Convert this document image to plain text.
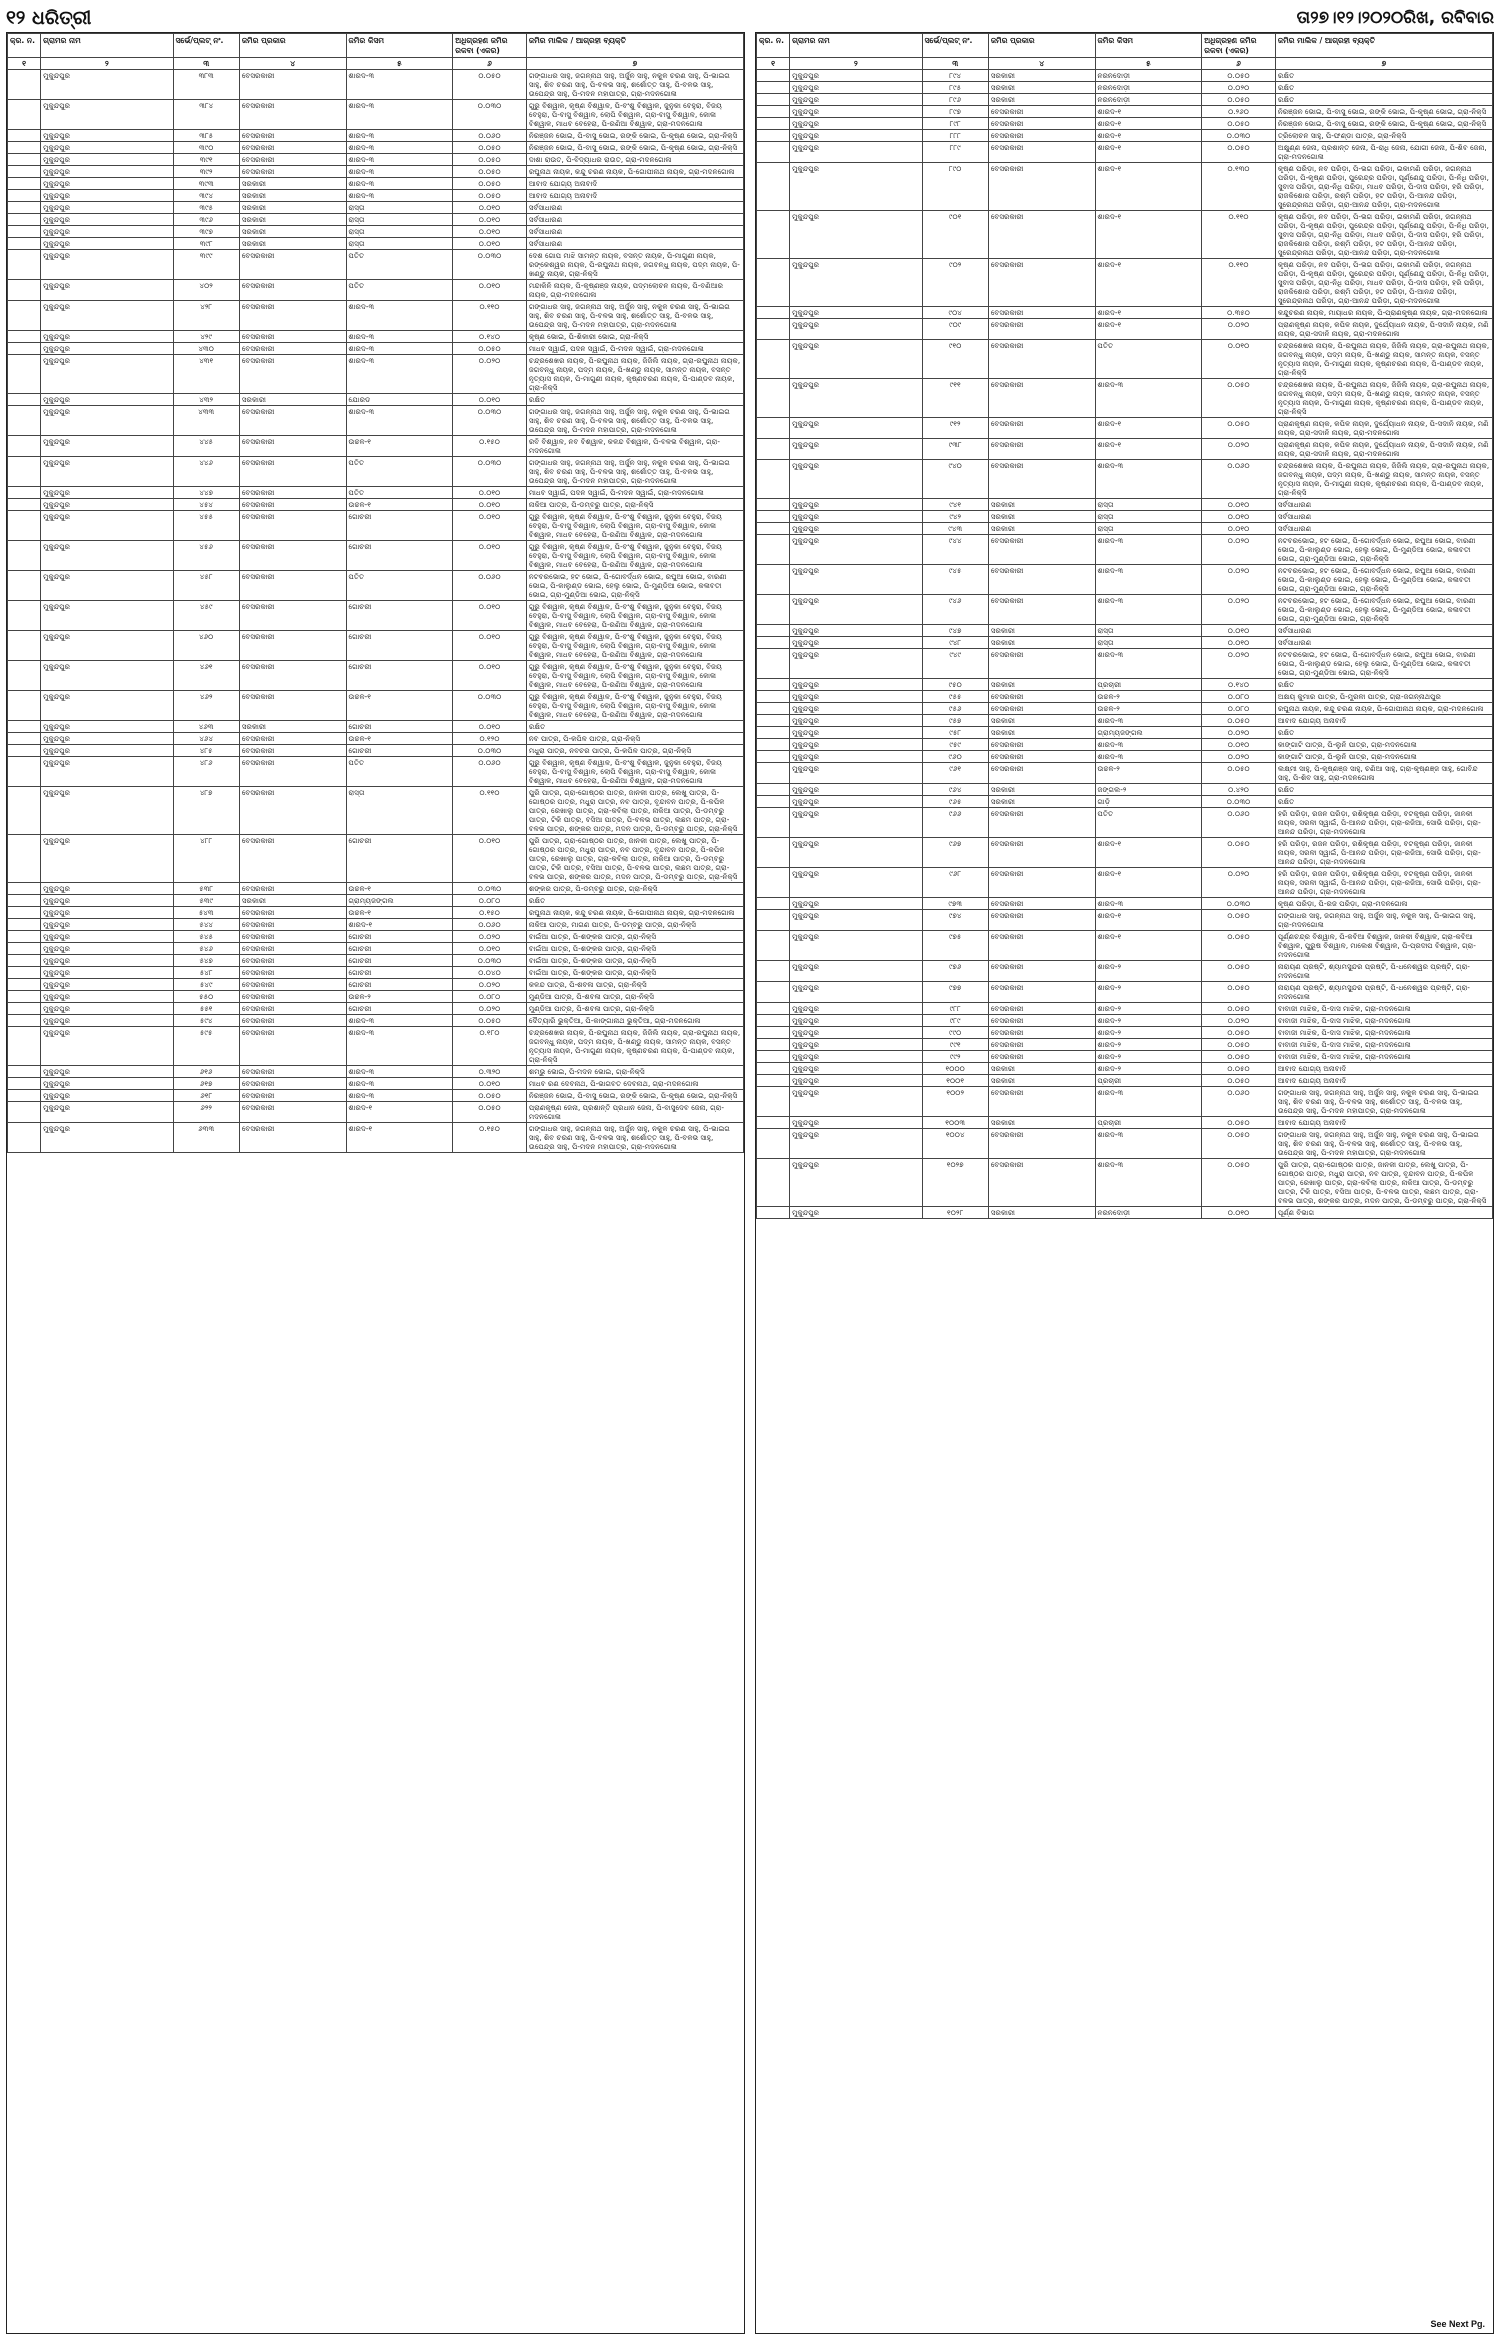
୧୨ ଧରିତ୍ରୀ	ତା୨୭।୧୨।୨୦୨୦ରିଖ, ରବିବାର
କ୍ର. ନ.	ଗ୍ରାମର ନାମ	ସର୍ଭେ/ପ୍ଲଟ୍ ନଂ.	ଜମିର ପ୍ରକାର	ଜମିର କିସମ	ଅଧିଗ୍ରହଣ ଜମିର ରକବା (ଏକର)	ଜମିର ମାଲିକ / ଆଗ୍ରହୀ ବ୍ୟକ୍ତି
୧	୨	୩	୪	୫	୬	୭
	ମୁକୁନ୍ଦପୁର	୩୮୩	ବେସରକାରୀ	ଶାରଦ-୩	୦.୦୫୦	ଗଙ୍ଗାଧର ସାହୁ, ଜଗନ୍ନାଥ ସାହୁ, ଅର୍ଜୁନ ସାହୁ, ନକୁଳ ଚରଣ ସାହୁ, ପି-ଭାଇଗ ସାହୁ, ଶିବ ଚରଣ ସାହୁ, ପି-ବଳଭ ସାହୁ, ଶର୍ଶୋତ୍ତ ସାହୁ, ପି-ବଳଭ ସାହୁ, ଉପେନ୍ଦ୍ର ସାହୁ, ପି-ମଦନ ମହାପାତ୍ର, ଗ୍ରା-ମଦନଗୋଳା
	ମୁକୁନ୍ଦପୁର	୩୮୪	ବେସରକାରୀ	ଶାରଦ-୩	୦.୦୩୦	ଗୁରୁ ବିଶ୍ୱାଳ, କୃଷ୍ଣ ବିଶ୍ୱାଳ, ପି-ବଂଶୁ ବିଶ୍ୱାଳ, ଜୁନୁକା ବେହୁରା, ବିଜୟ ବେହୁରା, ପି-ବାସୁ ବିଶ୍ୱାଳ, ଲୋପି ବିଶ୍ୱାଳ, ଗ୍ରା-ବାସୁ ବିଶ୍ୱାଳ, କୋଳା ବିଶ୍ୱାଳ, ମାଧବ ବେହେରା, ପି-ରଣିଆ ବିଶ୍ୱାଳ, ଗ୍ରା-ମଦନଗୋଳା
	ମୁକୁନ୍ଦପୁର	୩୮୫	ବେସରକାରୀ	ଶାରଦ-୩	୦.୦୬୦	ନିରଞ୍ଜନ ଭୋଇ, ପି-ବାସୁ ଭୋଇ, ରଙ୍କି ଭୋଇ, ପି-କୃଷ୍ଣ ଭୋଇ, ଗ୍ରା-ନିକ୍ସି
	ମୁକୁନ୍ଦପୁର	୩୯୦	ବେସରକାରୀ	ଶାରଦ-୩	୦.୦୫୦	ନିରଞ୍ଜନ ଭୋଇ, ପି-ବାସୁ ଭୋଇ, ରଙ୍କି ଭୋଇ, ପି-କୃଷ୍ଣ ଭୋଇ, ଗ୍ରା-ନିକ୍ସି
	ମୁକୁନ୍ଦପୁର	୩୯୧	ବେସରକାରୀ	ଶାରଦ-୩	୦.୦୫୦	ଦାଶା ରାଉତ, ପି-ବିଦ୍ୟାଧର ରାଉତ, ଗ୍ରା-ମଦନଗୋଳା
	ମୁକୁନ୍ଦପୁର	୩୯୨	ବେସରକାରୀ	ଶାରଦ-୩	୦.୦୫୦	ରଘୁନାଥ ନାୟକ, କନ୍ଦୁ ଚରଣ ନାୟକ, ପି-ଗୋପୀନାଥ ନାୟକ, ଗ୍ରା-ମଦନଗୋଳା
	ମୁକୁନ୍ଦପୁର	୩୯୩	ସରକାରୀ	ଶାରଦ-୩	୦.୦୫୦	ଆବାଦ ଯୋଗ୍ୟ ଅନାବାଦି
	ମୁକୁନ୍ଦପୁର	୩୯୪	ସରକାରୀ	ଶାରଦ-୩	୦.୦୫୦	ଆବାଦ ଯୋଗ୍ୟ ଅନାବାଦି
	ମୁକୁନ୍ଦପୁର	୩୯୫	ସରକାରୀ	ରାସ୍ତା	୦.୦୧୦	ସର୍ବସାଧାରଣ
	ମୁକୁନ୍ଦପୁର	୩୯୬	ସରକାରୀ	ରାସ୍ତା	୦.୦୧୦	ସର୍ବସାଧାରଣ
	ମୁକୁନ୍ଦପୁର	୩୯୭	ସରକାରୀ	ରାସ୍ତା	୦.୦୧୦	ସର୍ବସାଧାରଣ
	ମୁକୁନ୍ଦପୁର	୩୯୮	ସରକାରୀ	ରାସ୍ତା	୦.୦୧୦	ସର୍ବସାଧାରଣ
	ମୁକୁନ୍ଦପୁର	୩୯୯	ବେସରକାରୀ	ପତିତ	୦.୦୩୦	ଦେଶ ଗୋପ ମାଝି ସାମନ୍ତ ନାୟକ, ବସନ୍ତ ନାୟକ, ପି-ମାଗୁଣୀ ନାୟକ, ରଙ୍କେଶ୍ୱର ନାୟକ, ପି-ରଘୁନାଥ ନାୟକ, ଜଗବନ୍ଧୁ ନାୟକ, ପଦ୍ମ ନାୟକ, ପି-ଖଣ୍ଡୁ ନାୟକ, ଗ୍ରା-ନିକ୍ସି
	ମୁକୁନ୍ଦପୁର	୪୦୨	ବେସରକାରୀ	ପତିତ	୦.୦୧୦	ମନ୍ଦାକିନି ନାୟକ, ପି-କୃଷ୍ଣଞ୍ଜ ନାୟକ, ପଦ୍ମଲୋଚନ ନାୟକ, ପି-ବଣିଆର ନାୟକ, ଗ୍ରା-ମଦନଗୋଳା
	ମୁକୁନ୍ଦପୁର	୪୨୮	ବେସରକାରୀ	ଶାରଦ-୩	୦.୧୧୦	ଗଙ୍ଗାଧର ସାହୁ, ଜଗନ୍ନାଥ ସାହୁ, ଅର୍ଜୁନ ସାହୁ, ନକୁଳ ଚରଣ ସାହୁ, ପି-ଭାଇଗ ସାହୁ, ଶିବ ଚରଣ ସାହୁ, ପି-ବଳଭ ସାହୁ, ଶର୍ଶୋତ୍ତ ସାହୁ, ପି-ବଳଭ ସାହୁ, ଉପେନ୍ଦ୍ର ସାହୁ, ପି-ମଦନ ମହାପାତ୍ର, ଗ୍ରା-ମଦନଗୋଳା
	ମୁକୁନ୍ଦପୁର	୪୨୯	ବେସରକାରୀ	ଶାରଦ-୩	୦.୧୪୦	କୃଷ୍ଣ ଭୋଇ, ପି-ଶିକାରୀ ଭୋଇ, ଗ୍ରା-ନିକ୍ସି
	ମୁକୁନ୍ଦପୁର	୪୩୦	ବେସରକାରୀ	ଶାରଦ-୩	୦.୦୫୦	ମାଧବ ସ୍ୱାଇଁ, ପଦନ ସ୍ୱାଇଁ, ପି-ମଦନ ସ୍ୱାଇଁ, ଗ୍ରା-ମଦନଗୋଳା
	ମୁକୁନ୍ଦପୁର	୪୩୧	ବେସରକାରୀ	ଶାରଦ-୩	୦.୦୨୦	ଚନ୍ଦ୍ରଶେଖର ନାୟକ, ପି-ରଘୁନାଥ ନାୟକ, ଜିଜିଲି ନାୟକ, ଗ୍ରା-ରଘୁନାଥ ନାୟକ, ଜଗବନ୍ଧୁ ନାୟକ, ପଦ୍ମ ନାୟକ, ପି-ଖଣ୍ଡୁ ନାୟକ, ସାମନ୍ତ ନାୟକ, ବସନ୍ତ ନୃତ୍ୟାସ ନାୟକ, ପି-ମାଗୁଣୀ ନାୟକ, କୃଷ୍ଣଚରଣ ନାୟକ, ପି-ପାଣ୍ଡବ ନାୟକ, ଗ୍ରା-ନିକ୍ସି
	ମୁକୁନ୍ଦପୁର	୪୩୨	ସରକାରୀ	ଯୋରଡ	୦.୦୧୦	ରକ୍ଷିତ
	ମୁକୁନ୍ଦପୁର	୪୩୩	ବେସରକାରୀ	ଶାରଦ-୩	୦.୦୩୦	ଗଙ୍ଗାଧର ସାହୁ, ଜଗନ୍ନାଥ ସାହୁ, ଅର୍ଜୁନ ସାହୁ, ନକୁଳ ଚରଣ ସାହୁ, ପି-ଭାଇଗ ସାହୁ, ଶିବ ଚରଣ ସାହୁ, ପି-ବଳଭ ସାହୁ, ଶର୍ଶୋତ୍ତ ସାହୁ, ପି-ବଳଭ ସାହୁ, ଉପେନ୍ଦ୍ର ସାହୁ, ପି-ମଦନ ମହାପାତ୍ର, ଗ୍ରା-ମଦନଗୋଳା
	ମୁକୁନ୍ଦପୁର	୪୪୫	ବେସରକାରୀ	ଉଚ୍ଚଳ-୧	୦.୧୫୦	ରବି ବିଶ୍ୱାଳ, ନବ ବିଶ୍ୱାଳ, କଳନ୍ଦ ବିଶ୍ୱାଳ, ପି-ବଳଭ ବିଶ୍ୱାଳ, ଗ୍ରା-ମଦନଗୋଳା
	ମୁକୁନ୍ଦପୁର	୪୪୬	ବେସରକାରୀ	ପତିତ	୦.୦୩୦	ଗଙ୍ଗାଧର ସାହୁ, ଜଗନ୍ନାଥ ସାହୁ, ଅର୍ଜୁନ ସାହୁ, ନକୁଳ ଚରଣ ସାହୁ, ପି-ଭାଇଗ ସାହୁ, ଶିବ ଚରଣ ସାହୁ, ପି-ବଳଭ ସାହୁ, ଶର୍ଶୋତ୍ତ ସାହୁ, ପି-ବଳଭ ସାହୁ, ଉପେନ୍ଦ୍ର ସାହୁ, ପି-ମଦନ ମହାପାତ୍ର, ଗ୍ରା-ମଦନଗୋଳା
	ମୁକୁନ୍ଦପୁର	୪୪୭	ବେସରକାରୀ	ପତିତ	୦.୦୧୦	ମାଧବ ସ୍ୱାଇଁ, ପଦନ ସ୍ୱାଇଁ, ପି-ମଦନ ସ୍ୱାଇଁ, ଗ୍ରା-ମଦନଗୋଳା
	ମୁକୁନ୍ଦପୁର	୪୫୪	ବେସରକାରୀ	ଉଚ୍ଚଳ-୧	୦.୦୧୦	ନାକିଆ ପାତ୍ର, ପି-ଡମ୍ବରୁ ପାତ୍ର, ଗ୍ରା-ନିକ୍ସି
	ମୁକୁନ୍ଦପୁର	୪୫୫	ବେସରକାରୀ	ଗୋଚରୀ	୦.୦୧୦	ଗୁରୁ ବିଶ୍ୱାଳ, କୃଷ୍ଣ ବିଶ୍ୱାଳ, ପି-ବଂଶୁ ବିଶ୍ୱାଳ, ଜୁନୁକା ବେହୁରା, ବିଜୟ ବେହୁରା, ପି-ବାସୁ ବିଶ୍ୱାଳ, ଲୋପି ବିଶ୍ୱାଳ, ଗ୍ରା-ବାସୁ ବିଶ୍ୱାଳ, କୋଳା ବିଶ୍ୱାଳ, ମାଧବ ବେହେରା, ପି-ରଣିଆ ବିଶ୍ୱାଳ, ଗ୍ରା-ମଦନଗୋଳା
	ମୁକୁନ୍ଦପୁର	୪୫୬	ବେସରକାରୀ	ଗୋଚରୀ	୦.୦୧୦	ଗୁରୁ ବିଶ୍ୱାଳ, କୃଷ୍ଣ ବିଶ୍ୱାଳ, ପି-ବଂଶୁ ବିଶ୍ୱାଳ, ଜୁନୁକା ବେହୁରା, ବିଜୟ ବେହୁରା, ପି-ବାସୁ ବିଶ୍ୱାଳ, ଲୋପି ବିଶ୍ୱାଳ, ଗ୍ରା-ବାସୁ ବିଶ୍ୱାଳ, କୋଳା ବିଶ୍ୱାଳ, ମାଧବ ବେହେରା, ପି-ରଣିଆ ବିଶ୍ୱାଳ, ଗ୍ରା-ମଦନଗୋଳା
	ମୁକୁନ୍ଦପୁର	୪୫୮	ବେସରକାରୀ	ପତିତ	୦.୦୬୦	ନଟବରଭୋଇ, ହଟ ଭୋଇ, ପି-ଗୋବର୍ଦ୍ଧନ ଭୋଇ, ରଘୁଆ ଭୋଇ, ବାରଣୀ ଭୋଇ, ପି-କାଲୁଣ୍ଡ ଭୋଇ, ହେଲୁ ଭୋଇ, ପି-ମୁଣ୍ଡିଆ ଭୋଇ, କଳାବତୀ ଭୋଇ, ଗ୍ରା-ମୁଣ୍ଡିଆ ଭୋଇ, ଗ୍ରା-ନିକ୍ସି
	ମୁକୁନ୍ଦପୁର	୪୫୯	ବେସରକାରୀ	ଗୋଚରୀ	୦.୦୧୦	ଗୁରୁ ବିଶ୍ୱାଳ, କୃଷ୍ଣ ବିଶ୍ୱାଳ, ପି-ବଂଶୁ ବିଶ୍ୱାଳ, ଜୁନୁକା ବେହୁରା, ବିଜୟ ବେହୁରା, ପି-ବାସୁ ବିଶ୍ୱାଳ, ଲୋପି ବିଶ୍ୱାଳ, ଗ୍ରା-ବାସୁ ବିଶ୍ୱାଳ, କୋଳା ବିଶ୍ୱାଳ, ମାଧବ ବେହେରା, ପି-ରଣିଆ ବିଶ୍ୱାଳ, ଗ୍ରା-ମଦନଗୋଳା
	ମୁକୁନ୍ଦପୁର	୪୬୦	ବେସରକାରୀ	ଗୋଚରୀ	୦.୦୧୦	ଗୁରୁ ବିଶ୍ୱାଳ, କୃଷ୍ଣ ବିଶ୍ୱାଳ, ପି-ବଂଶୁ ବିଶ୍ୱାଳ, ଜୁନୁକା ବେହୁରା, ବିଜୟ ବେହୁରା, ପି-ବାସୁ ବିଶ୍ୱାଳ, ଲୋପି ବିଶ୍ୱାଳ, ଗ୍ରା-ବାସୁ ବିଶ୍ୱାଳ, କୋଳା ବିଶ୍ୱାଳ, ମାଧବ ବେହେରା, ପି-ରଣିଆ ବିଶ୍ୱାଳ, ଗ୍ରା-ମଦନଗୋଳା
	ମୁକୁନ୍ଦପୁର	୪୬୧	ବେସରକାରୀ	ଗୋଚରୀ	୦.୦୧୦	ଗୁରୁ ବିଶ୍ୱାଳ, କୃଷ୍ଣ ବିଶ୍ୱାଳ, ପି-ବଂଶୁ ବିଶ୍ୱାଳ, ଜୁନୁକା ବେହୁରା, ବିଜୟ ବେହୁରା, ପି-ବାସୁ ବିଶ୍ୱାଳ, ଲୋପି ବିଶ୍ୱାଳ, ଗ୍ରା-ବାସୁ ବିଶ୍ୱାଳ, କୋଳା ବିଶ୍ୱାଳ, ମାଧବ ବେହେରା, ପି-ରଣିଆ ବିଶ୍ୱାଳ, ଗ୍ରା-ମଦନଗୋଳା
	ମୁକୁନ୍ଦପୁର	୪୬୨	ବେସରକାରୀ	ଉଚ୍ଚଳ-୧	୦.୦୩୦	ଗୁରୁ ବିଶ୍ୱାଳ, କୃଷ୍ଣ ବିଶ୍ୱାଳ, ପି-ବଂଶୁ ବିଶ୍ୱାଳ, ଜୁନୁକା ବେହୁରା, ବିଜୟ ବେହୁରା, ପି-ବାସୁ ବିଶ୍ୱାଳ, ଲୋପି ବିଶ୍ୱାଳ, ଗ୍ରା-ବାସୁ ବିଶ୍ୱାଳ, କୋଳା ବିଶ୍ୱାଳ, ମାଧବ ବେହେରା, ପି-ରଣିଆ ବିଶ୍ୱାଳ, ଗ୍ରା-ମଦନଗୋଳା
	ମୁକୁନ୍ଦପୁର	୪୬୩	ସରକାରୀ	ଗୋଚରୀ	୦.୦୧୦	ରକ୍ଷିତ
	ମୁକୁନ୍ଦପୁର	୪୬୪	ବେସରକାରୀ	ଉଚ୍ଚଳ-୧	୦.୧୨୦	ନବ ପାତ୍ର, ପି-କପିଳ ପାତ୍ର, ଗ୍ରା-ନିକ୍ସି
	ମୁକୁନ୍ଦପୁର	୪୮୫	ବେସରକାରୀ	ଗୋଚରୀ	୦.୦୩୦	ମଧୁରା ପାତ୍ର, ନବଚର ପାତ୍ର, ପି-କପିଳ ପାତ୍ର, ଗ୍ରା-ନିକ୍ସି
	ମୁକୁନ୍ଦପୁର	୪୮୬	ବେସରକାରୀ	ପତିତ	୦.୦୬୦	ଗୁରୁ ବିଶ୍ୱାଳ, କୃଷ୍ଣ ବିଶ୍ୱାଳ, ପି-ବଂଶୁ ବିଶ୍ୱାଳ, ଜୁନୁକା ବେହୁରା, ବିଜୟ ବେହୁରା, ପି-ବାସୁ ବିଶ୍ୱାଳ, ଲୋପି ବିଶ୍ୱାଳ, ଗ୍ରା-ବାସୁ ବିଶ୍ୱାଳ, କୋଳା ବିଶ୍ୱାଳ, ମାଧବ ବେହେରା, ପି-ରଣିଆ ବିଶ୍ୱାଳ, ଗ୍ରା-ମଦନଗୋଳା
	ମୁକୁନ୍ଦପୁର	୪୮୭	ବେସରକାରୀ	ରାସ୍ତା	୦.୧୧୦	ପୁରି ପାତ୍ର, ଗ୍ରା-ଗୋଷ୍ଠର ପାତ୍ର, ଜାନକୀ ପାତ୍ର, ଲେଖୁ ପାତ୍ର, ପି-ଗୋଷ୍ଠର ପାତ୍ର, ମଧୁରା ପାତ୍ର, ନବ ପାତ୍ର, ବୃନ୍ଦାବନ ପାତ୍ର, ପି-କପିଳ ପାତ୍ର, ରେଖାଲୁ ପାତ୍ର, ଗ୍ରା-କବିଲା ପାତ୍ର, ନାକିଆ ପାତ୍ର, ପି-ଡମ୍ବରୁ ପାତ୍ର, ଟିକି ପାତ୍ର, ବସିଆ ପାତ୍ର, ପି-ବଳଭ ପାତ୍ର, ଲଛମ ପାତ୍ର, ଗ୍ରା-ବଳଭ ପାତ୍ର, ଶଙ୍କର ପାତ୍ର, ମଦନ ପାତ୍ର, ପି-ଡମ୍ବରୁ ପାତ୍ର, ଗ୍ରା-ନିକ୍ସି
	ମୁକୁନ୍ଦପୁର	୪୮୮	ବେସରକାରୀ	ଗୋଚରୀ	୦.୦୧୦	ପୁରି ପାତ୍ର, ଗ୍ରା-ଗୋଷ୍ଠର ପାତ୍ର, ଜାନକୀ ପାତ୍ର, ଲେଖୁ ପାତ୍ର, ପି-ଗୋଷ୍ଠର ପାତ୍ର, ମଧୁରା ପାତ୍ର, ନବ ପାତ୍ର, ବୃନ୍ଦାବନ ପାତ୍ର, ପି-କପିଳ ପାତ୍ର, ରେଖାଲୁ ପାତ୍ର, ଗ୍ରା-କବିଲା ପାତ୍ର, ନାକିଆ ପାତ୍ର, ପି-ଡମ୍ବରୁ ପାତ୍ର, ଟିକି ପାତ୍ର, ବସିଆ ପାତ୍ର, ପି-ବଳଭ ପାତ୍ର, ଲଛମ ପାତ୍ର, ଗ୍ରା-ବଳଭ ପାତ୍ର, ଶଙ୍କର ପାତ୍ର, ମଦନ ପାତ୍ର, ପି-ଡମ୍ବରୁ ପାତ୍ର, ଗ୍ରା-ନିକ୍ସି
	ମୁକୁନ୍ଦପୁର	୫୩୮	ବେସରକାରୀ	ଉଚ୍ଚଳ-୧	୦.୦୩୦	ଶଙ୍କର ପାତ୍ର, ପି-ଡମ୍ବରୁ ପାତ୍ର, ଗ୍ରା-ନିକ୍ସି
	ମୁକୁନ୍ଦପୁର	୫୩୯	ସରକାରୀ	ଗ୍ରାମ୍ୟଜଙ୍ଗଲ	୦.୦୮୦	ରକ୍ଷିତ
	ମୁକୁନ୍ଦପୁର	୫୪୩	ବେସରକାରୀ	ଉଚ୍ଚଳ-୧	୦.୧୫୦	ରଘୁନାଥ ନାୟକ, କନ୍ଦୁ ଚରଣ ନାୟକ, ପି-ଗୋପୀନାଥ ନାୟକ, ଗ୍ରା-ମଦନଗୋଳା
	ମୁକୁନ୍ଦପୁର	୫୪୪	ବେସରକାରୀ	ଶାରଦ-୧	୦.୦୬୦	ନାକିଆ ପାତ୍ର, ମାଗଣ ପାତ୍ର, ପି-ଡମ୍ବରୁ ପାତ୍ର, ଗ୍ରା-ନିକ୍ସି
	ମୁକୁନ୍ଦପୁର	୫୪୫	ବେସରକାରୀ	ଗୋଚରୀ	୦.୦୨୦	ବାଇଁଆ ପାତ୍ର, ପି-ଶଙ୍କର ପାତ୍ର, ଗ୍ରା-ନିକ୍ସି
	ମୁକୁନ୍ଦପୁର	୫୪୬	ବେସରକାରୀ	ଗୋଚରୀ	୦.୦୧୦	ବାଇଁଆ ପାତ୍ର, ପି-ଶଙ୍କର ପାତ୍ର, ଗ୍ରା-ନିକ୍ସି
	ମୁକୁନ୍ଦପୁର	୫୪୭	ବେସରକାରୀ	ଗୋଚରୀ	୦.୦୩୦	ବାଇଁଆ ପାତ୍ର, ପି-ଶଙ୍କର ପାତ୍ର, ଗ୍ରା-ନିକ୍ସି
	ମୁକୁନ୍ଦପୁର	୫୪୮	ବେସରକାରୀ	ଗୋଚରୀ	୦.୦୪୦	ବାଇଁଆ ପାତ୍ର, ପି-ଶଙ୍କର ପାତ୍ର, ଗ୍ରା-ନିକ୍ସି
	ମୁକୁନ୍ଦପୁର	୫୪୯	ବେସରକାରୀ	ଗୋଚରୀ	୦.୦୨୦	କଳନ୍ଦ ପାତ୍ର, ପି-ଶବଳା ପାତ୍ର, ଗ୍ରା-ନିକ୍ସି
	ମୁକୁନ୍ଦପୁର	୫୫୦	ବେସରକାରୀ	ଉଚ୍ଚଳ-୨	୦.୦୮୦	ମୁଣ୍ଡିଆ ପାତ୍ର, ପି-ଶବଳା ପାତ୍ର, ଗ୍ରା-ନିକ୍ସି
	ମୁକୁନ୍ଦପୁର	୫୫୧	ବେସରକାରୀ	ଗୋଚରୀ	୦.୦୨୦	ମୁଣ୍ଡିଆ ପାତ୍ର, ପି-ଶବଳା ପାତ୍ର, ଗ୍ରା-ନିକ୍ସି
	ମୁକୁନ୍ଦପୁର	୫୯୪	ବେସରକାରୀ	ଶାରଦ-୩	୦.୦୫୦	ଦୈତ୍ୟାରି ଭୁକ୍ତିଆ, ପି-କାଙ୍ଗାନାଥ ଭୁକ୍ତିଆ, ଗ୍ରା-ମଦନଗୋଳା
	ମୁକୁନ୍ଦପୁର	୫୯୫	ବେସରକାରୀ	ଶାରଦ-୩	୦.୧୮୦	ଚନ୍ଦ୍ରଶେଖର ନାୟକ, ପି-ରଘୁନାଥ ନାୟକ, ଜିଜିଲି ନାୟକ, ଗ୍ରା-ରଘୁନାଥ ନାୟକ, ଜଗବନ୍ଧୁ ନାୟକ, ପଦ୍ମ ନାୟକ, ପି-ଖଣ୍ଡୁ ନାୟକ, ସାମନ୍ତ ନାୟକ, ବସନ୍ତ ନୃତ୍ୟାସ ନାୟକ, ପି-ମାଗୁଣୀ ନାୟକ, କୃଷ୍ଣଚରଣ ନାୟକ, ପି-ପାଣ୍ଡବ ନାୟକ, ଗ୍ରା-ନିକ୍ସି
	ମୁକୁନ୍ଦପୁର	୬୧୬	ବେସରକାରୀ	ଶାରଦ-୩	୦.୩୨୦	ଶମ୍ଭୁ ଭୋଇ, ପି-ମଦନ ଭୋଇ, ଗ୍ରା-ନିକ୍ସି
	ମୁକୁନ୍ଦପୁର	୬୧୭	ବେସରକାରୀ	ଶାରଦ-୩	୦.୦୧୦	ମାଧବ ରଣ ଦେବନାଥ, ପି-ଭାଗବତ ଦେବନାଥ, ଗ୍ରା-ମଦନଗୋଳା
	ମୁକୁନ୍ଦପୁର	୬୧୮	ବେସରକାରୀ	ଶାରଦ-୩	୦.୦୫୦	ନିରଞ୍ଜନ ଭୋଇ, ପି-ବାସୁ ଭୋଇ, ରଙ୍କି ଭୋଇ, ପି-କୃଷ୍ଣ ଭୋଇ, ଗ୍ରା-ନିକ୍ସି
	ମୁକୁନ୍ଦପୁର	୬୨୨	ବେସରକାରୀ	ଶାରଦ-୧	୦.୦୫୦	ପ୍ରାଣକୃଷ୍ଣ ଜେନା, ପ୍ରଶାନ୍ତି ପ୍ରଧାନ ଜେନା, ପି-ବାସୁଦେବ ଜେନା, ଗ୍ରା-ମଦନଗୋଳା
	ମୁକୁନ୍ଦପୁର	୬୩୩	ବେସରକାରୀ	ଶାରଦ-୧	୦.୧୫୦	ଗଙ୍ଗାଧର ସାହୁ, ଜଗନ୍ନାଥ ସାହୁ, ଅର୍ଜୁନ ସାହୁ, ନକୁଳ ଚରଣ ସାହୁ, ପି-ଭାଇଗ ସାହୁ, ଶିବ ଚରଣ ସାହୁ, ପି-ବଳଭ ସାହୁ, ଶର୍ଶୋତ୍ତ ସାହୁ, ପି-ବଳଭ ସାହୁ, ଉପେନ୍ଦ୍ର ସାହୁ, ପି-ମଦନ ମହାପାତ୍ର, ଗ୍ରା-ମଦନଗୋଳା
କ୍ର. ନ.	ଗ୍ରାମର ନାମ	ସର୍ଭେ/ପ୍ଲଟ୍ ନଂ.	ଜମିର ପ୍ରକାର	ଜମିର କିସମ	ଅଧିଗ୍ରହଣ ଜମିର ରକବା (ଏକର)	ଜମିର ମାଲିକ / ଆଗ୍ରହୀ ବ୍ୟକ୍ତି
୧	୨	୩	୪	୫	୬	୭
	ମୁକୁନ୍ଦପୁର	୮୯୪	ସରକାରୀ	ନରନଦୋଡ଼ୀ	୦.୦୫୦	ରକ୍ଷିତ
	ମୁକୁନ୍ଦପୁର	୮୯୫	ସରକାରୀ	ନରନଦୋଡ଼ୀ	୦.୦୨୦	ରକ୍ଷିତ
	ମୁକୁନ୍ଦପୁର	୮୯୬	ସରକାରୀ	ନରନଦୋଡ଼ୀ	୦.୦୫୦	ରକ୍ଷିତ
	ମୁକୁନ୍ଦପୁର	୮୯୭	ବେସରକାରୀ	ଶାରଦ-୧	୦.୨୬୦	ନିରଞ୍ଜନ ଭୋଇ, ପି-ବାସୁ ଭୋଇ, ରଙ୍କି ଭୋଇ, ପି-କୃଷ୍ଣ ଭୋଇ, ଗ୍ରା-ନିକ୍ସି
	ମୁକୁନ୍ଦପୁର	୮୯୮	ବେସରକାରୀ	ଶାରଦ-୧	୦.୦୫୦	ନିରଞ୍ଜନ ଭୋଇ, ପି-ବାସୁ ଭୋଇ, ରଙ୍କି ଭୋଇ, ପି-କୃଷ୍ଣ ଭୋଇ, ଗ୍ରା-ନିକ୍ସି
	ମୁକୁନ୍ଦପୁର	୮୮୮	ବେସରକାରୀ	ଶାରଦ-୧	୦.୦୩୦	ତ୍ରିଲୋଚନ ସାହୁ, ପି-ଫଣ୍ଡା ପାତ୍ର, ଗ୍ରା-ନିକ୍ସି
	ମୁକୁନ୍ଦପୁର	୮୮୯	ବେସରକାରୀ	ଶାରଦ-୧	୦.୦୫୦	ଅକ୍ଷୁଣ୍ଣ ଜେନା, ପ୍ରଶାନ୍ତ ଜେନା, ପି-ରାଧି ଜେନା, ଯୋଗୀ ଜେନା, ପି-ଶିବ ଜେନା, ଗ୍ରା-ମଦନଗୋଳା
	ମୁକୁନ୍ଦପୁର	୮୯୦	ବେସରକାରୀ	ଶାରଦ-୧	୦.୧୩୦	କୃଷ୍ଣ ପରିଡ଼ା, ନବ ପରିଡ଼ା, ପି-ଭଗ ପରିଡ଼ା, ଇକାମଣି ପରିଡ଼ା, ଜଗନ୍ନାଥ ପରିଡ଼ା, ପି-କୃଷ୍ଣ ପରିଡ଼ା, ପୁରେନ୍ଦ୍ର ପରିଡ଼ା, ପୂର୍ଣ୍ଣେନ୍ଦୁ ପରିଡ଼ା, ପି-ନିଧି ପରିଡ଼ା, ସୁବାସ ପରିଡ଼ା, ଗ୍ରା-ନିଧି ପରିଡ଼ା, ମାଧବ ପରିଡ଼ା, ପି-ଦାସ ପରିଡ଼ା, ହରି ପରିଡ଼ା, ରାଜକିଶୋର ପରିଡ଼ା, ରଶ୍ମି ପରିଡ଼ା, ହଟ ପରିଡ଼ା, ପି-ଆନନ୍ଦ ପରିଡ଼ା, ସୁରେନ୍ଦ୍ରନାଥ ପରିଡ଼ା, ଗ୍ରା-ଆନନ୍ଦ ପରିଡ଼ା, ଗ୍ରା-ମଦନଗୋଳା
	ମୁକୁନ୍ଦପୁର	୯୦୧	ବେସରକାରୀ	ଶାରଦ-୧	୦.୧୧୦	କୃଷ୍ଣ ପରିଡ଼ା, ନବ ପରିଡ଼ା, ପି-ଭଗ ପରିଡ଼ା, ଇକାମଣି ପରିଡ଼ା, ଜଗନ୍ନାଥ ପରିଡ଼ା, ପି-କୃଷ୍ଣ ପରିଡ଼ା, ପୁରେନ୍ଦ୍ର ପରିଡ଼ା, ପୂର୍ଣ୍ଣେନ୍ଦୁ ପରିଡ଼ା, ପି-ନିଧି ପରିଡ଼ା, ସୁବାସ ପରିଡ଼ା, ଗ୍ରା-ନିଧି ପରିଡ଼ା, ମାଧବ ପରିଡ଼ା, ପି-ଦାସ ପରିଡ଼ା, ହରି ପରିଡ଼ା, ରାଜକିଶୋର ପରିଡ଼ା, ରଶ୍ମି ପରିଡ଼ା, ହଟ ପରିଡ଼ା, ପି-ଆନନ୍ଦ ପରିଡ଼ା, ସୁରେନ୍ଦ୍ରନାଥ ପରିଡ଼ା, ଗ୍ରା-ଆନନ୍ଦ ପରିଡ଼ା, ଗ୍ରା-ମଦନଗୋଳା
	ମୁକୁନ୍ଦପୁର	୯୦୨	ବେସରକାରୀ	ଶାରଦ-୧	୦.୧୧୦	କୃଷ୍ଣ ପରିଡ଼ା, ନବ ପରିଡ଼ା, ପି-ଭଗ ପରିଡ଼ା, ଇକାମଣି ପରିଡ଼ା, ଜଗନ୍ନାଥ ପରିଡ଼ା, ପି-କୃଷ୍ଣ ପରିଡ଼ା, ପୁରେନ୍ଦ୍ର ପରିଡ଼ା, ପୂର୍ଣ୍ଣେନ୍ଦୁ ପରିଡ଼ା, ପି-ନିଧି ପରିଡ଼ା, ସୁବାସ ପରିଡ଼ା, ଗ୍ରା-ନିଧି ପରିଡ଼ା, ମାଧବ ପରିଡ଼ା, ପି-ଦାସ ପରିଡ଼ା, ହରି ପରିଡ଼ା, ରାଜକିଶୋର ପରିଡ଼ା, ରଶ୍ମି ପରିଡ଼ା, ହଟ ପରିଡ଼ା, ପି-ଆନନ୍ଦ ପରିଡ଼ା, ସୁରେନ୍ଦ୍ରନାଥ ପରିଡ଼ା, ଗ୍ରା-ଆନନ୍ଦ ପରିଡ଼ା, ଗ୍ରା-ମଦନଗୋଳା
	ମୁକୁନ୍ଦପୁର	୯୦୪	ବେସରକାରୀ	ଶାରଦ-୧	୦.୩୫୦	କନ୍ଦୁଚରଣ ନାୟକ, ମାୟାଧର ନାୟକ, ପି-ପ୍ରାଣକୃଷ୍ଣ ନାୟକ, ଗ୍ରା-ମଦନଗୋଳା
	ମୁକୁନ୍ଦପୁର	୯୦୯	ବେସରକାରୀ	ଶାରଦ-୧	୦.୦୨୦	ପ୍ରାଣକୃଷ୍ଣ ନାୟକ, କପିଳ ନାୟକ, ଦୁର୍ଯ୍ୟୋଧନ ନାୟକ, ପି-ସଦାନି ନାୟକ, ମଣି ନାୟକ, ଗ୍ରା-ସଦାନି ନାୟକ, ଗ୍ରା-ମଦନଗୋଳା
	ମୁକୁନ୍ଦପୁର	୯୧୦	ବେସରକାରୀ	ପତିତ	୦.୦୧୦	ଚନ୍ଦ୍ରଶେଖର ନାୟକ, ପି-ରଘୁନାଥ ନାୟକ, ଜିଜିଲି ନାୟକ, ଗ୍ରା-ରଘୁନାଥ ନାୟକ, ଜଗବନ୍ଧୁ ନାୟକ, ପଦ୍ମ ନାୟକ, ପି-ଖଣ୍ଡୁ ନାୟକ, ସାମନ୍ତ ନାୟକ, ବସନ୍ତ ନୃତ୍ୟାସ ନାୟକ, ପି-ମାଗୁଣୀ ନାୟକ, କୃଷ୍ଣଚରଣ ନାୟକ, ପି-ପାଣ୍ଡବ ନାୟକ, ଗ୍ରା-ନିକ୍ସି
	ମୁକୁନ୍ଦପୁର	୯୧୧	ବେସରକାରୀ	ଶାରଦ-୩	୦.୦୫୦	ଚନ୍ଦ୍ରଶେଖର ନାୟକ, ପି-ରଘୁନାଥ ନାୟକ, ଜିଜିଲି ନାୟକ, ଗ୍ରା-ରଘୁନାଥ ନାୟକ, ଜଗବନ୍ଧୁ ନାୟକ, ପଦ୍ମ ନାୟକ, ପି-ଖଣ୍ଡୁ ନାୟକ, ସାମନ୍ତ ନାୟକ, ବସନ୍ତ ନୃତ୍ୟାସ ନାୟକ, ପି-ମାଗୁଣୀ ନାୟକ, କୃଷ୍ଣଚରଣ ନାୟକ, ପି-ପାଣ୍ଡବ ନାୟକ, ଗ୍ରା-ନିକ୍ସି
	ମୁକୁନ୍ଦପୁର	୯୧୨	ବେସରକାରୀ	ଶାରଦ-୧	୦.୦୫୦	ପ୍ରାଣକୃଷ୍ଣ ନାୟକ, କପିଳ ନାୟକ, ଦୁର୍ଯ୍ୟୋଧନ ନାୟକ, ପି-ସଦାନି ନାୟକ, ମଣି ନାୟକ, ଗ୍ରା-ସଦାନି ନାୟକ, ଗ୍ରା-ମଦନଗୋଳା
	ମୁକୁନ୍ଦପୁର	୯୩୮	ବେସରକାରୀ	ଶାରଦ-୧	୦.୦୨୦	ପ୍ରାଣକୃଷ୍ଣ ନାୟକ, କପିଳ ନାୟକ, ଦୁର୍ଯ୍ୟୋଧନ ନାୟକ, ପି-ସଦାନି ନାୟକ, ମଣି ନାୟକ, ଗ୍ରା-ସଦାନି ନାୟକ, ଗ୍ରା-ମଦନଗୋଳା
	ମୁକୁନ୍ଦପୁର	୯୪୦	ବେସରକାରୀ	ଶାରଦ-୩	୦.୦୬୦	ଚନ୍ଦ୍ରଶେଖର ନାୟକ, ପି-ରଘୁନାଥ ନାୟକ, ଜିଜିଲି ନାୟକ, ଗ୍ରା-ରଘୁନାଥ ନାୟକ, ଜଗବନ୍ଧୁ ନାୟକ, ପଦ୍ମ ନାୟକ, ପି-ଖଣ୍ଡୁ ନାୟକ, ସାମନ୍ତ ନାୟକ, ବସନ୍ତ ନୃତ୍ୟାସ ନାୟକ, ପି-ମାଗୁଣୀ ନାୟକ, କୃଷ୍ଣଚରଣ ନାୟକ, ପି-ପାଣ୍ଡବ ନାୟକ, ଗ୍ରା-ନିକ୍ସି
	ମୁକୁନ୍ଦପୁର	୯୪୧	ସରକାରୀ	ରାସ୍ତା	୦.୦୧୦	ସର୍ବସାଧାରଣ
	ମୁକୁନ୍ଦପୁର	୯୪୨	ସରକାରୀ	ରାସ୍ତା	୦.୦୧୦	ସର୍ବସାଧାରଣ
	ମୁକୁନ୍ଦପୁର	୯୪୩	ସରକାରୀ	ରାସ୍ତା	୦.୦୧୦	ସର୍ବସାଧାରଣ
	ମୁକୁନ୍ଦପୁର	୯୪୪	ବେସରକାରୀ	ଶାରଦ-୩	୦.୦୨୦	ନଟବରଭୋଇ, ହଟ ଭୋଇ, ପି-ଗୋବର୍ଦ୍ଧନ ଭୋଇ, ରଘୁଆ ଭୋଇ, ବାରଣୀ ଭୋଇ, ପି-କାଲୁଣ୍ଡ ଭୋଇ, ହେଲୁ ଭୋଇ, ପି-ମୁଣ୍ଡିଆ ଭୋଇ, କଳାବତୀ ଭୋଇ, ଗ୍ରା-ମୁଣ୍ଡିଆ ଭୋଇ, ଗ୍ରା-ନିକ୍ସି
	ମୁକୁନ୍ଦପୁର	୯୪୫	ବେସରକାରୀ	ଶାରଦ-୩	୦.୦୨୦	ନଟବରଭୋଇ, ହଟ ଭୋଇ, ପି-ଗୋବର୍ଦ୍ଧନ ଭୋଇ, ରଘୁଆ ଭୋଇ, ବାରଣୀ ଭୋଇ, ପି-କାଲୁଣ୍ଡ ଭୋଇ, ହେଲୁ ଭୋଇ, ପି-ମୁଣ୍ଡିଆ ଭୋଇ, କଳାବତୀ ଭୋଇ, ଗ୍ରା-ମୁଣ୍ଡିଆ ଭୋଇ, ଗ୍ରା-ନିକ୍ସି
	ମୁକୁନ୍ଦପୁର	୯୪୬	ବେସରକାରୀ	ଶାରଦ-୩	୦.୦୨୦	ନଟବରଭୋଇ, ହଟ ଭୋଇ, ପି-ଗୋବର୍ଦ୍ଧନ ଭୋଇ, ରଘୁଆ ଭୋଇ, ବାରଣୀ ଭୋଇ, ପି-କାଲୁଣ୍ଡ ଭୋଇ, ହେଲୁ ଭୋଇ, ପି-ମୁଣ୍ଡିଆ ଭୋଇ, କଳାବତୀ ଭୋଇ, ଗ୍ରା-ମୁଣ୍ଡିଆ ଭୋଇ, ଗ୍ରା-ନିକ୍ସି
	ମୁକୁନ୍ଦପୁର	୯୪୭	ସରକାରୀ	ରାସ୍ତା	୦.୦୧୦	ସର୍ବସାଧାରଣ
	ମୁକୁନ୍ଦପୁର	୯୪୮	ସରକାରୀ	ରାସ୍ତା	୦.୦୧୦	ସର୍ବସାଧାରଣ
	ମୁକୁନ୍ଦପୁର	୯୪୯	ବେସରକାରୀ	ଶାରଦ-୩	୦.୦୨୦	ନଟବରଭୋଇ, ହଟ ଭୋଇ, ପି-ଗୋବର୍ଦ୍ଧନ ଭୋଇ, ରଘୁଆ ଭୋଇ, ବାରଣୀ ଭୋଇ, ପି-କାଲୁଣ୍ଡ ଭୋଇ, ହେଲୁ ଭୋଇ, ପି-ମୁଣ୍ଡିଆ ଭୋଇ, କଳାବତୀ ଭୋଇ, ଗ୍ରା-ମୁଣ୍ଡିଆ ଭୋଇ, ଗ୍ରା-ନିକ୍ସି
	ମୁକୁନ୍ଦପୁର	୯୫୦	ସରକାରୀ	ପ୍ରଚାରୀ	୦.୧୪୦	ରକ୍ଷିତ
	ମୁକୁନ୍ଦପୁର	୯୫୫	ବେସରକାରୀ	ଉଚ୍ଚଳ-୨	୦.୦୮୦	ଅକ୍ଷୟ କୁମାର ପାତ୍ର, ପି-ମୁରଳୀ ପାତ୍ର, ଗ୍ରା-ଜଗନ୍ନାଥପୁର
	ମୁକୁନ୍ଦପୁର	୯୫୬	ବେସରକାରୀ	ଉଚ୍ଚଳ-୨	୦.୦୮୦	ରଘୁନାଥ ନାୟକ, କନ୍ଦୁ ଚରଣ ନାୟକ, ପି-ଗୋପୀନାଥ ନାୟକ, ଗ୍ରା-ମଦନଗୋଳା
	ମୁକୁନ୍ଦପୁର	୯୫୭	ସରକାରୀ	ଶାରଦ-୩	୦.୦୫୦	ଆବାଦ ଯୋଗ୍ୟ ଅନାବାଦି
	ମୁକୁନ୍ଦପୁର	୯୫୮	ସରକାରୀ	ଗ୍ରାମ୍ୟଜଙ୍ଗଲ	୦.୦୨୦	ରକ୍ଷିତ
	ମୁକୁନ୍ଦପୁର	୯୫୯	ବେସରକାରୀ	ଶାରଦ-୩	୦.୦୧୦	କାଙ୍ଗାଟି ପାତ୍ର, ପି-ଲୁନି ପାତ୍ର, ଗ୍ରା-ମଦନଗୋଳା
	ମୁକୁନ୍ଦପୁର	୯୬୦	ବେସରକାରୀ	ଶାରଦ-୩	୦.୦୨୦	କାଙ୍ଗାଟି ପାତ୍ର, ପି-ଲୁନି ପାତ୍ର, ଗ୍ରା-ମଦନଗୋଳା
	ମୁକୁନ୍ଦପୁର	୯୬୧	ବେସରକାରୀ	ଉଚ୍ଚଳ-୨	୦.୦୫୦	ଲକ୍ଷ୍ମୀ ସାହୁ, ପି-କୃଷ୍ଣଞ୍ଜ ସାହୁ, ଚଣିଆ ସାହୁ, ଗ୍ରା-କୃଷ୍ଣଞ୍ଜ ସାହୁ, ଗୋବିନ୍ଦ ସାହୁ, ପି-ଶିବ ସାହୁ, ଗ୍ରା-ମଦନଗୋଳା
	ମୁକୁନ୍ଦପୁର	୯୬୪	ସରକାରୀ	ଜଙ୍ଗଲ-୨	୦.୪୨୦	ରକ୍ଷିତ
	ମୁକୁନ୍ଦପୁର	୯୬୫	ସରକାରୀ	ଗାଡ଼ି	୦.୦୩୦	ରକ୍ଷିତ
	ମୁକୁନ୍ଦପୁର	୯୬୬	ବେସରକାରୀ	ପତିତ	୦.୦୬୦	ହରି ପରିଡ଼ା, ରଜନ ପରିଡ଼ା, ରଶିକୃଷ୍ଣ ପରିଡ଼ା, ବଟକୃଷ୍ଣ ପରିଡ଼ା, ଜାନକୀ ନାୟକ, ସରଳୀ ସ୍ୱାଇଁ, ପି-ଆନନ୍ଦ ପରିଡ଼ା, ଗ୍ରା-ରଜିଆ, ସୋଭି ପରିଡ଼ା, ଗ୍ରା-ଆନନ୍ଦ ପରିଡ଼ା, ଗ୍ରା-ମଦନଗୋଳା
	ମୁକୁନ୍ଦପୁର	୯୬୭	ବେସରକାରୀ	ଶାରଦ-୧	୦.୦୫୦	ହରି ପରିଡ଼ା, ରଜନ ପରିଡ଼ା, ରଶିକୃଷ୍ଣ ପରିଡ଼ା, ବଟକୃଷ୍ଣ ପରିଡ଼ା, ଜାନକୀ ନାୟକ, ସରଳୀ ସ୍ୱାଇଁ, ପି-ଆନନ୍ଦ ପରିଡ଼ା, ଗ୍ରା-ରଜିଆ, ସୋଭି ପରିଡ଼ା, ଗ୍ରା-ଆନନ୍ଦ ପରିଡ଼ା, ଗ୍ରା-ମଦନଗୋଳା
	ମୁକୁନ୍ଦପୁର	୯୬୮	ବେସରକାରୀ	ଶାରଦ-୧	୦.୦୨୦	ହରି ପରିଡ଼ା, ରଜନ ପରିଡ଼ା, ରଶିକୃଷ୍ଣ ପରିଡ଼ା, ବଟକୃଷ୍ଣ ପରିଡ଼ା, ଜାନକୀ ନାୟକ, ସରଳୀ ସ୍ୱାଇଁ, ପି-ଆନନ୍ଦ ପରିଡ଼ା, ଗ୍ରା-ରଜିଆ, ସୋଭି ପରିଡ଼ା, ଗ୍ରା-ଆନନ୍ଦ ପରିଡ଼ା, ଗ୍ରା-ମଦନଗୋଳା
	ମୁକୁନ୍ଦପୁର	୯୭୩	ବେସରକାରୀ	ଶାରଦ-୩	୦.୦୩୦	କୃଷ୍ଣ ପରିଡ଼ା, ପି-ରଜ ପରିଡ଼ା, ଗ୍ରା-ମଦନଗୋଳା
	ମୁକୁନ୍ଦପୁର	୯୭୪	ବେସରକାରୀ	ଶାରଦ-୧	୦.୦୫୦	ଗଙ୍ଗାଧର ସାହୁ, ଜଗନ୍ନାଥ ସାହୁ, ଅର୍ଜୁନ ସାହୁ, ନକୁଳ ସାହୁ, ପି-ଭାଇଗ ସାହୁ, ଗ୍ରା-ମଦନଗୋଳା
	ମୁକୁନ୍ଦପୁର	୯୭୫	ବେସରକାରୀ	ଶାରଦ-୧	୦.୦୫୦	ପୂର୍ଣ୍ଣଚନ୍ଦ୍ର ବିଶ୍ୱାଳ, ପି-କବିଆ ବିଶ୍ୱାଳ, ଜାନକୀ ବିଶ୍ୱାଳ, ଗ୍ରା-କବିଆ ବିଶ୍ୱାଳ, ପୁରୁଷ ବିଶ୍ୱାଳ, ମାଲେଶ ବିଶ୍ୱାଳ, ପି-ପ୍ରଦୀପ ବିଶ୍ୱାଳ, ଗ୍ରା-ମଦନଗୋଳା
	ମୁକୁନ୍ଦପୁର	୯୭୬	ବେସରକାରୀ	ଶାରଦ-୨	୦.୦୫୦	ନାରାୟଣ ପ୍ରଷ୍ଟି, ଶ୍ୟାମସୁନ୍ଦର ପ୍ରଷ୍ଟି, ପି-ଧନେଶ୍ୱର ପ୍ରଷ୍ଟି, ଗ୍ରା-ମଦନଗୋଳା
	ମୁକୁନ୍ଦପୁର	୯୭୭	ବେସରକାରୀ	ଶାରଦ-୨	୦.୦୫୦	ନାରାୟଣ ପ୍ରଷ୍ଟି, ଶ୍ୟାମସୁନ୍ଦର ପ୍ରଷ୍ଟି, ପି-ଧନେଶ୍ୱର ପ୍ରଷ୍ଟି, ଗ୍ରା-ମଦନଗୋଳା
	ମୁକୁନ୍ଦପୁର	୯୮୮	ବେସରକାରୀ	ଶାରଦ-୨	୦.୦୫୦	ବାବାଜୀ ମାଝିକ, ପି-ଦାସ ମାଝିକ, ଗ୍ରା-ମଦନଗୋଳା
	ମୁକୁନ୍ଦପୁର	୯୮୯	ବେସରକାରୀ	ଶାରଦ-୨	୦.୦୨୦	ବାବାଜୀ ମାଝିକ, ପି-ଦାସ ମାଝିକ, ଗ୍ରା-ମଦନଗୋଳା
	ମୁକୁନ୍ଦପୁର	୯୯୦	ବେସରକାରୀ	ଶାରଦ-୨	୦.୦୫୦	ବାବାଜୀ ମାଝିକ, ପି-ଦାସ ମାଝିକ, ଗ୍ରା-ମଦନଗୋଳା
	ମୁକୁନ୍ଦପୁର	୯୯୧	ବେସରକାରୀ	ଶାରଦ-୨	୦.୦୫୦	ବାବାଜୀ ମାଝିକ, ପି-ଦାସ ମାଝିକ, ଗ୍ରା-ମଦନଗୋଳା
	ମୁକୁନ୍ଦପୁର	୯୯୨	ବେସରକାରୀ	ଶାରଦ-୨	୦.୦୫୦	ବାବାଜୀ ମାଝିକ, ପି-ଦାସ ମାଝିକ, ଗ୍ରା-ମଦନଗୋଳା
	ମୁକୁନ୍ଦପୁର	୧୦୦୦	ସରକାରୀ	ଶାରଦ-୨	୦.୦୫୦	ଆବାଦ ଯୋଗ୍ୟ ଅନାବାଦି
	ମୁକୁନ୍ଦପୁର	୧୦୦୧	ସରକାରୀ	ପ୍ରଚାରୀ	୦.୦୫୦	ଆବାଦ ଯୋଗ୍ୟ ଅନାବାଦି
	ମୁକୁନ୍ଦପୁର	୧୦୦୨	ବେସରକାରୀ	ଶାରଦ-୩	୦.୦୬୦	ଗଙ୍ଗାଧର ସାହୁ, ଜଗନ୍ନାଥ ସାହୁ, ଅର୍ଜୁନ ସାହୁ, ନକୁଳ ଚରଣ ସାହୁ, ପି-ଭାଇଗ ସାହୁ, ଶିବ ଚରଣ ସାହୁ, ପି-ବଳଭ ସାହୁ, ଶର୍ଶୋତ୍ତ ସାହୁ, ପି-ବଳଭ ସାହୁ, ଉପେନ୍ଦ୍ର ସାହୁ, ପି-ମଦନ ମହାପାତ୍ର, ଗ୍ରା-ମଦନଗୋଳା
	ମୁକୁନ୍ଦପୁର	୧୦୦୩	ସରକାରୀ	ପ୍ରଚାରୀ	୦.୦୫୦	ଆବାଦ ଯୋଗ୍ୟ ଅନାବାଦି
	ମୁକୁନ୍ଦପୁର	୧୦୦୪	ବେସରକାରୀ	ଶାରଦ-୩	୦.୦୫୦	ଗଙ୍ଗାଧର ସାହୁ, ଜଗନ୍ନାଥ ସାହୁ, ଅର୍ଜୁନ ସାହୁ, ନକୁଳ ଚରଣ ସାହୁ, ପି-ଭାଇଗ ସାହୁ, ଶିବ ଚରଣ ସାହୁ, ପି-ବଳଭ ସାହୁ, ଶର୍ଶୋତ୍ତ ସାହୁ, ପି-ବଳଭ ସାହୁ, ଉପେନ୍ଦ୍ର ସାହୁ, ପି-ମଦନ ମହାପାତ୍ର, ଗ୍ରା-ମଦନଗୋଳା
	ମୁକୁନ୍ଦପୁର	୧୦୨୭	ବେସରକାରୀ	ଶାରଦ-୩	୦.୦୫୦	ପୁରି ପାତ୍ର, ଗ୍ରା-ଗୋଷ୍ଠର ପାତ୍ର, ଜାନକୀ ପାତ୍ର, ଲେଖୁ ପାତ୍ର, ପି-ଗୋଷ୍ଠର ପାତ୍ର, ମଧୁରା ପାତ୍ର, ନବ ପାତ୍ର, ବୃନ୍ଦାବନ ପାତ୍ର, ପି-କପିଳ ପାତ୍ର, ରେଖାଲୁ ପାତ୍ର, ଗ୍ରା-କବିଲା ପାତ୍ର, ନାକିଆ ପାତ୍ର, ପି-ଡମ୍ବରୁ ପାତ୍ର, ଟିକି ପାତ୍ର, ବସିଆ ପାତ୍ର, ପି-ବଳଭ ପାତ୍ର, ଲଛମ ପାତ୍ର, ଗ୍ରା-ବଳଭ ପାତ୍ର, ଶଙ୍କର ପାତ୍ର, ମଦନ ପାତ୍ର, ପି-ଡମ୍ବରୁ ପାତ୍ର, ଗ୍ରା-ନିକ୍ସି
	ମୁକୁନ୍ଦପୁର	୧୦୨୮	ସରକାରୀ	ନରନଦୋଡ଼ୀ	୦.୦୧୦	ପୂର୍ଣ୍ଣ ବିଭାଗ
See Next Pg.
